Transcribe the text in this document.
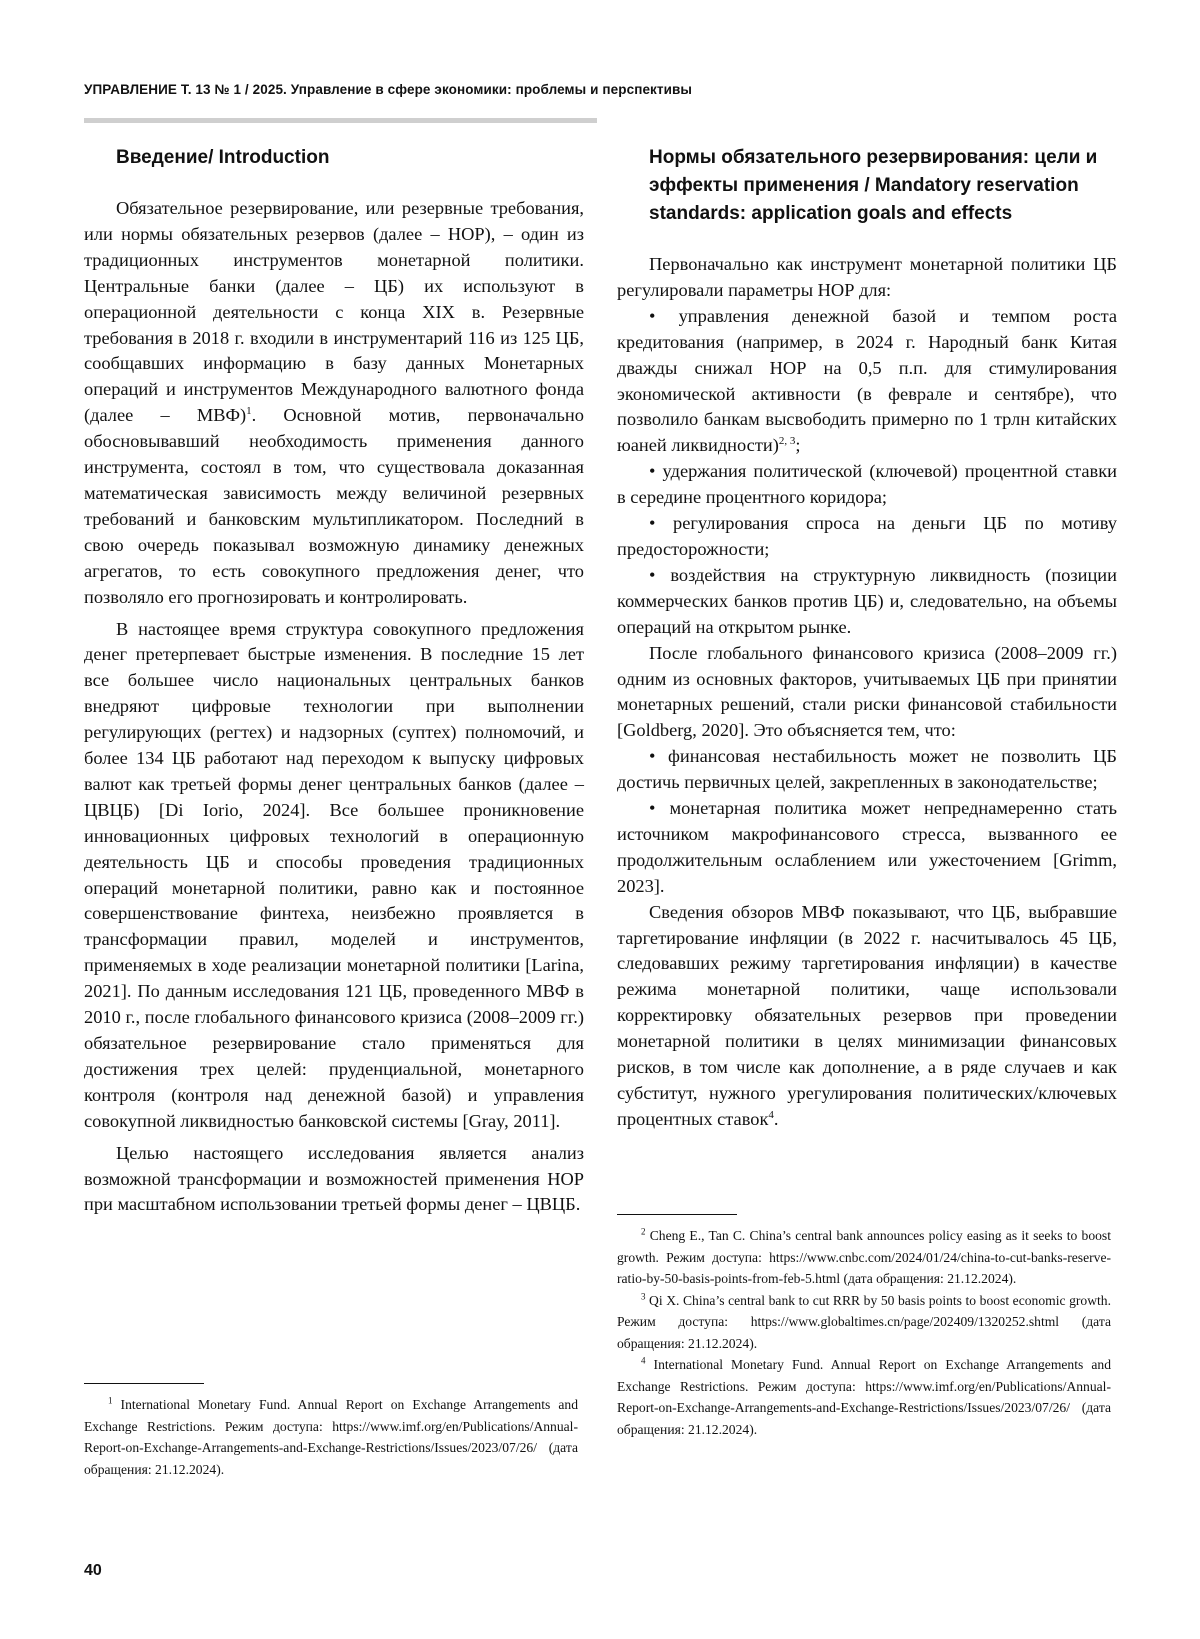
УПРАВЛЕНИЕ Т. 13 № 1 / 2025. Управление в сфере экономики: проблемы и перспективы
Введение/ Introduction

Обязательное резервирование, или резервные требования, или нормы обязательных резервов (далее – НОР), – один из традиционных инструментов монетарной политики. Центральные банки (далее – ЦБ) их используют в операционной деятельности с конца XIX в. Резервные требования в 2018 г. входили в инструментарий 116 из 125 ЦБ, сообщавших информацию в базу данных Монетарных операций и инструментов Международного валютного фонда (далее – МВФ)$^1$. Основной мотив, первоначально обосновывавший необходимость применения данного инструмента, состоял в том, что существовала доказанная математическая зависимость между величиной резервных требований и банковским мультипликатором. Последний в свою очередь показывал возможную динамику денежных агрегатов, то есть совокупного предложения денег, что позволяло его прогнозировать и контролировать.

В настоящее время структура совокупного предложения денег претерпевает быстрые изменения. В последние 15 лет все большее число национальных центральных банков внедряют цифровые технологии при выполнении регулирующих (регтех) и надзорных (суптех) полномочий, и более 134 ЦБ работают над переходом к выпуску цифровых валют как третьей формы денег центральных банков (далее – ЦВЦБ) [Di Iorio, 2024]. Все большее проникновение инновационных цифровых технологий в операционную деятельность ЦБ и способы проведения традиционных операций монетарной политики, равно как и постоянное совершенствование финтеха, неизбежно проявляется в трансформации правил, моделей и инструментов, применяемых в ходе реализации монетарной политики [Larina, 2021]. По данным исследования 121 ЦБ, проведенного МВФ в 2010 г., после глобального финансового кризиса (2008–2009 гг.) обязательное резервирование стало применяться для достижения трех целей: пруденциальной, монетарного контроля (контроля над денежной базой) и управления совокупной ликвидностью банковской системы [Gray, 2011].

Целью настоящего исследования является анализ возможной трансформации и возможностей применения НОР при масштабном использовании третьей формы денег – ЦВЦБ.

$^1$ International Monetary Fund. Annual Report on Exchange Arrangements and Exchange Restrictions. Режим доступа: https://www.imf.org/en/Publications/Annual-Report-on-Exchange-Arrangements-and-Exchange-Restrictions/Issues/2023/07/26/ (дата обращения: 21.12.2024).

Нормы обязательного резервирования: цели и эффекты применения / Mandatory reservation standards: application goals and effects

Первоначально как инструмент монетарной политики ЦБ регулировали параметры НОР для:

• управления денежной базой и темпом роста кредитования (например, в 2024 г. Народный банк Китая дважды снижал НОР на 0,5 п.п. для стимулирования экономической активности (в феврале и сентябре), что позволило банкам высвободить примерно по 1 трлн китайских юаней ликвидности)$^{2, 3}$;

• удержания политической (ключевой) процентной ставки в середине процентного коридора;

• регулирования спроса на деньги ЦБ по мотиву предосторожности;

• воздействия на структурную ликвидность (позиции коммерческих банков против ЦБ) и, следовательно, на объемы операций на открытом рынке.

После глобального финансового кризиса (2008–2009 гг.) одним из основных факторов, учитываемых ЦБ при принятии монетарных решений, стали риски финансовой стабильности [Goldberg, 2020]. Это объясняется тем, что:

• финансовая нестабильность может не позволить ЦБ достичь первичных целей, закрепленных в законодательстве;

• монетарная политика может непреднамеренно стать источником макрофинансового стресса, вызванного ее продолжительным ослаблением или ужесточением [Grimm, 2023].

Сведения обзоров МВФ показывают, что ЦБ, выбравшие таргетирование инфляции (в 2022 г. насчитывалось 45 ЦБ, следовавших режиму таргетирования инфляции) в качестве режима монетарной политики, чаще использовали корректировку обязательных резервов при проведении монетарной политики в целях минимизации финансовых рисков, в том числе как дополнение, а в ряде случаев и как субститут, нужного урегулирования политических/ключевых процентных ставок$^4$.

$^2$ Cheng E., Tan C. China’s central bank announces policy easing as it seeks to boost growth. Режим доступа: https://www.cnbc.com/2024/01/24/china-to-cut-banks-reserve-ratio-by-50-basis-points-from-feb-5.html (дата обращения: 21.12.2024).

$^3$ Qi X. China’s central bank to cut RRR by 50 basis points to boost economic growth. Режим доступа: https://www.globaltimes.cn/page/202409/1320252.shtml (дата обращения: 21.12.2024).

$^4$ International Monetary Fund. Annual Report on Exchange Arrangements and Exchange Restrictions. Режим доступа: https://www.imf.org/en/Publications/Annual-Report-on-Exchange-Arrangements-and-Exchange-Restrictions/Issues/2023/07/26/ (дата обращения: 21.12.2024).

40
